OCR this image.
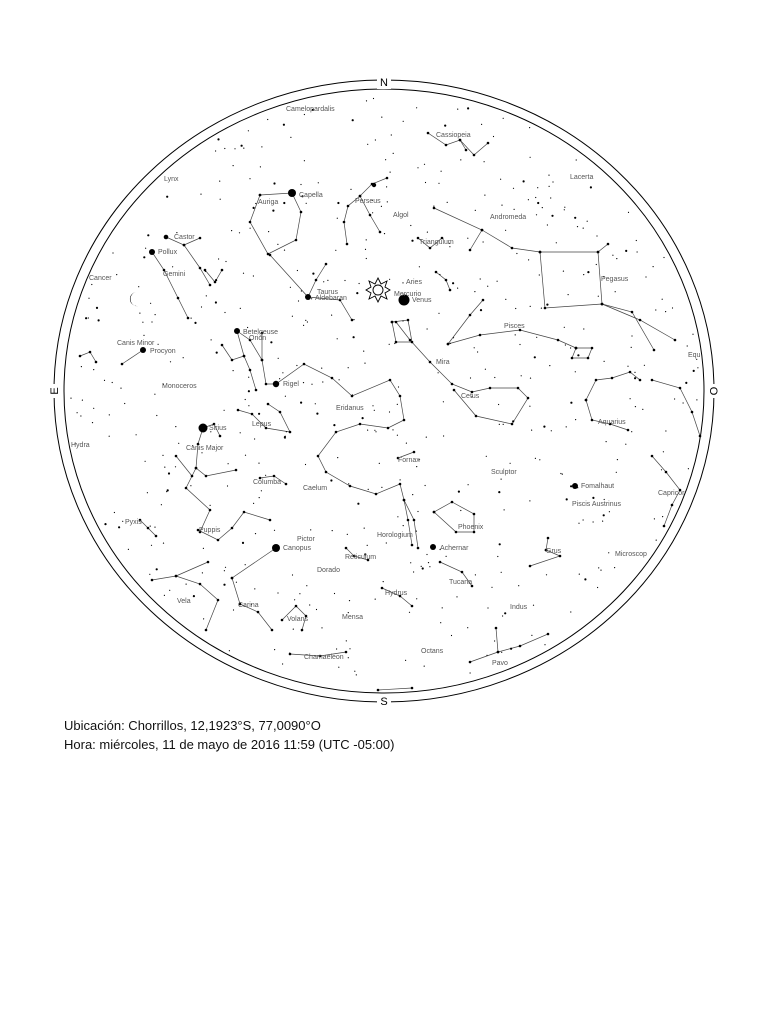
N
S
E	O
Camelopardalis
Cassiopeia
Lynx	Lacerta
Auriga	Perseus
Andromeda
Triangulum
Cancer
Gemini
Pegasus
Aries
Taurus
Pisces
Canis Minor
Orion
Mira
Monoceros
Eridanus
Cetus
Equ
Hydra
Lepus	Aquarius
Canis Major
Fornax
Sculptor
Columba
Caelum
Piscis Austrinus
Capricor
Pyxis
Puppis	Phoenix
Horologium
Pictor
Reticulum
Grus	Microscop
Dorado
Tucana
Vela
Hydrus
Indus
Carina
Volans	Mensa
Octans
Chamaeleon
Pavo
Capella
Algol
Castor
Pollux
Aldebaran
Betelgeuse
Procyon
Rigel
Sirius
Fomalhaut
Canopus	Achernar
Venus
Mercurio
Ubicación: Chorrillos, 12,1923°S, 77,0090°O
Hora: miércoles, 11 de mayo de 2016 11:59 (UTC -05:00)
